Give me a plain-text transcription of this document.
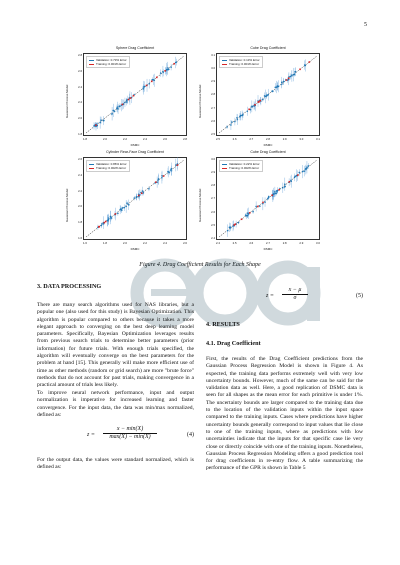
5
Sphere Drag Coefficient
2.8
2.6
2.4
2.2
2.0
1.8
1.8	2.0	2.2	2.4	2.6	2.8
Gaussian Process Model
DSMC
Validation: 0.73% Error
Training: 0.001% Error
Cube Drag Coefficient
3.1
3.0
2.9
2.8
2.7
2.6
2.5
2.5	2.6	2.7	2.8	2.9	3.0	3.1
Gaussian Process Model
DSMC
Validation: 0.13% Error
Training: 0.001% Error
Cylinder Rear-Face Drag Coefficient
2.6
2.4
2.2
2.0
1.8
1.6
1.6	1.8	2.0	2.2	2.4	2.6
Gaussian Process Model
DSMC
Validation: 0.86% Error
Training: 0.002% Error
Cube Drag Coefficient
3.0
2.9
2.8
2.7
2.6
2.5
2.4
2.4	2.5	2.6	2.7	2.8	2.9	3.0
Gaussian Process Model
DSMC
Validation: 0.22% Error
Training: 0.002% Error
Figure 4. Drag Coefficient Results for Each Shape
esa
3. DATA PROCESSING
There are many search algorithms used for NAS libraries, but a popular one (also used for this study) is Bayesian Optimization. This algorithm is popular compared to others because it takes a more elegant approach to converging on the best deep learning model parameters. Specifically, Bayesian Optimization leverages results from previous search trials to determine better parameters (prior information) for future trials. With enough trials specified, the algorithm will eventually converge on the best parameters for the problem at hand [15]. This generally will make more efficient use of time as other methods (random or grid search) are more "brute force" methods that do not account for past trials, making convergence in a practical amount of trials less likely.
To improve neural network performance, input and output normalization is imperative for increased learning and faster convergence. For the input data, the data was min/max normalized, defined as:
z =
x − min(X)
max(X) − min(X)	(4)
For the output data, the values were standard normalized, which is defined as:
z =
x − μ
σ	(5)
4. RESULTS
4.1. Drag Coefficient
First, the results of the Drag Coefficient predictions from the Gaussian Process Regression Model is shown in Figure 4. As expected, the training data performs extremely well with very low uncertainty bounds. However, much of the same can be said for the validation data as well. Here, a good replication of DSMC data is seen for all shapes as the mean error for each primitive is under 1%. The uncertainty bounds are larger compared to the training data due to the location of the validation inputs within the input space compared to the training inputs. Cases where predictions have higher uncertainty bounds generally correspond to input values that lie close to one of the training inputs, where as predictions with low uncertainties indicate that the inputs for that specific case lie very close or directly coincide with one of the training inputs. Nonetheless, Gaussian Process Regression Modeling offers a good prediction tool for drag coefficients in re-entry flow. A table summarizing the performance of the GPR is shown in Table 5
